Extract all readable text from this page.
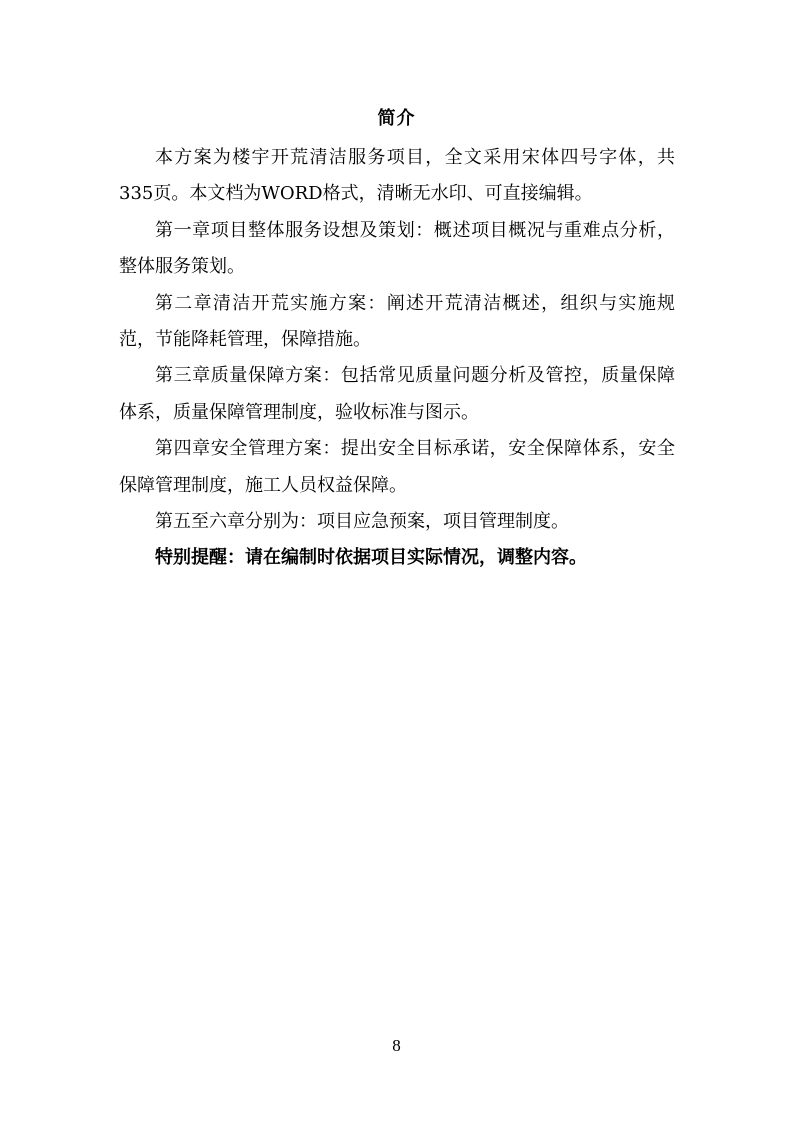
简介

本方案为楼宇开荒清洁服务项目，全文采用宋体四号字体，共335页。本文档为WORD格式，清晰无水印、可直接编辑。

第一章项目整体服务设想及策划：概述项目概况与重难点分析，整体服务策划。

第二章清洁开荒实施方案：阐述开荒清洁概述，组织与实施规范，节能降耗管理，保障措施。

第三章质量保障方案：包括常见质量问题分析及管控，质量保障体系，质量保障管理制度，验收标准与图示。

第四章安全管理方案：提出安全目标承诺，安全保障体系，安全保障管理制度，施工人员权益保障。

第五至六章分别为：项目应急预案，项目管理制度。

特别提醒：请在编制时依据项目实际情况，调整内容。

8
